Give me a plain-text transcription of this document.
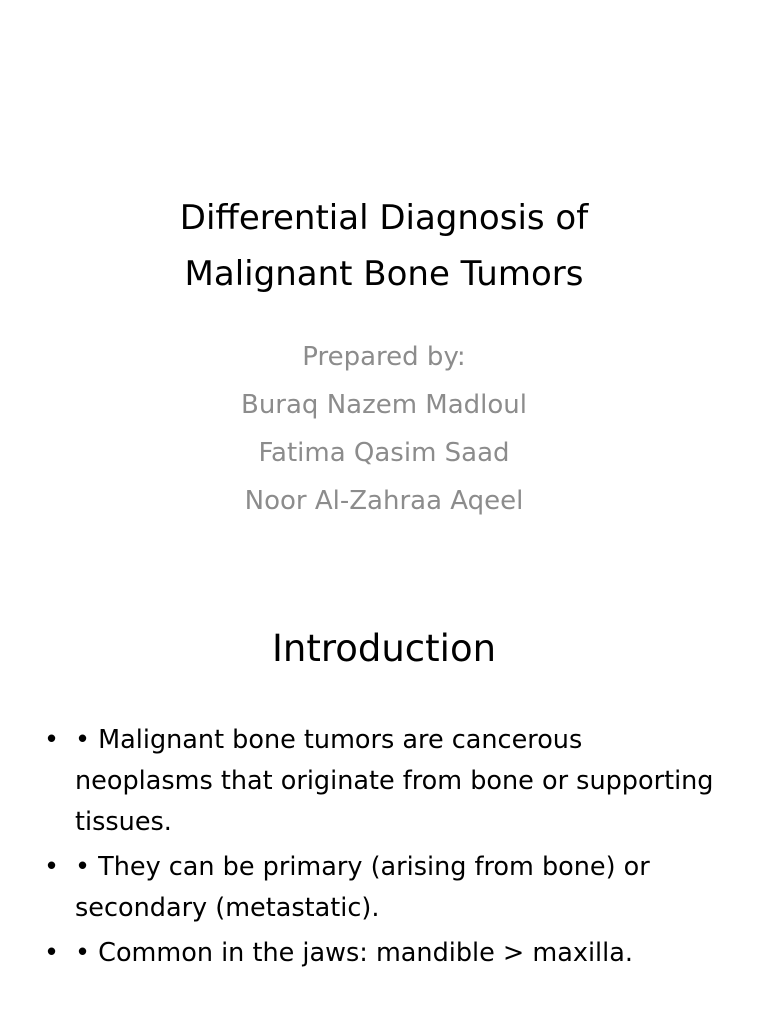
Differential Diagnosis of
Malignant Bone Tumors
Prepared by:
Buraq Nazem Madloul
Fatima Qasim Saad
Noor Al-Zahraa Aqeel
Introduction
• • Malignant bone tumors are cancerous neoplasms that originate from bone or supporting tissues.
• • They can be primary (arising from bone) or secondary (metastatic).
• • Common in the jaws: mandible > maxilla.
